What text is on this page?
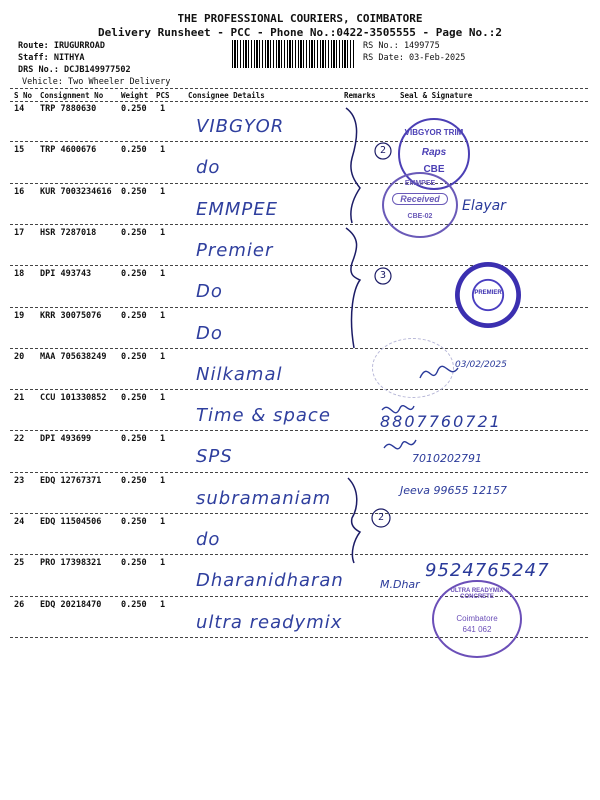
THE PROFESSIONAL COURIERS, COIMBATORE
Delivery Runsheet - PCC - Phone No.:0422-3505555 - Page No.:2
Route: IRUGURROAD
Staff: NITHYA
DRS No.: DCJB149977502
Vehicle: Two Wheeler Delivery
RS No.: 1499775
RS Date: 03-Feb-2025
S No Consignment No Weight PCS Consignee Details	Remarks	Seal & Signature
14 TRP 7880630	0.250 1
VIBGYOR
15 TRP 4600676	0.250 1
do
16 KUR 7003234616 0.250 1
EMMPEE
17 HSR 7287018	0.250 1
Premier
18 DPI 493743	0.250 1
Do
19 KRR 30075076 0.250 1
Do
20 MAA 705638249 0.250 1
Nilkamal
21 CCU 101330852 0.250 1
Time & space
22 DPI 493699	0.250 1
SPS
23 EDQ 12767371 0.250 1
subramaniam
24 EDQ 11504506 0.250 1
do
25 PRO 17398321 0.250 1
Dharanidharan
26 EDQ 20218470 0.250 1
ultra readymix
2
3
2
VIBGYOR TRIM
Raps
CBE
EMMPEE
Received
CBE-02
PREMIER
ULTRA READYMIX CONCRETE
Coimbatore
641 062
Elayar
03/02/2025
8807760721
7010202791
Jeeva 99655 12157
9524765247
M.Dhar
